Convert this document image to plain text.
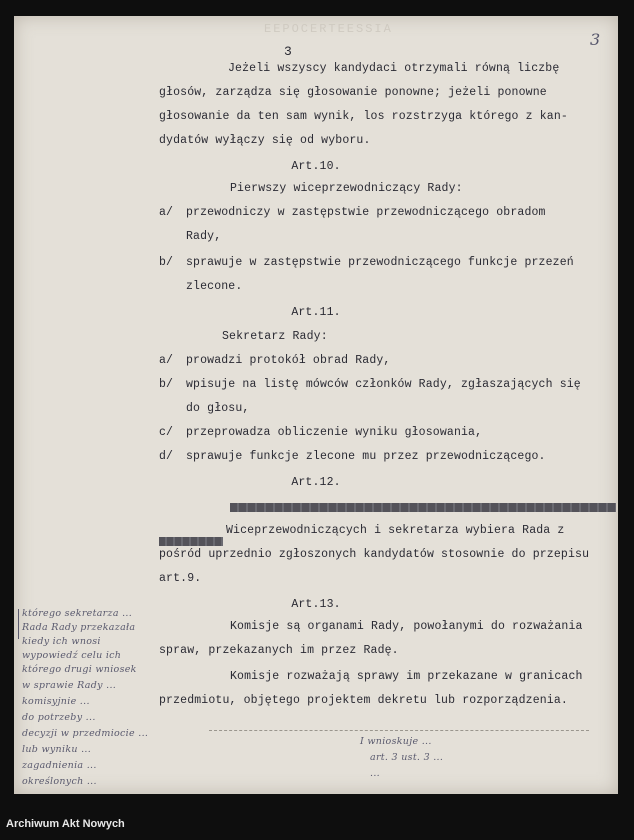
EEPOCERTEESSIA
3
3
Jeżeli wszyscy kandydaci otrzymali równą liczbę
głosów, zarządza się głosowanie ponowne; jeżeli ponowne
głosowanie da ten sam wynik, los rozstrzyga którego z kan-
dydatów wyłączy się od wyboru.
Art.10.
Pierwszy wiceprzewodniczący Rady:
a/ przewodniczy w zastępstwie przewodniczącego obradom
Rady,
b/ sprawuje w zastępstwie przewodniczącego funkcje przezeń
zlecone.
Art.11.
Sekretarz Rady:
a/ prowadzi protokół obrad Rady,
b/ wpisuje na listę mówców członków Rady, zgłaszających się
do głosu,
c/ przeprowadza obliczenie wyniku głosowania,
d/ sprawuje funkcje zlecone mu przez przewodniczącego.
Art.12.
Wiceprzewodniczących i sekretarza wybiera Rada z
pośród uprzednio zgłoszonych kandydatów stosownie do przepisu
art.9.
Art.13.
Komisje są organami Rady, powołanymi do rozważania
spraw, przekazanych im przez Radę.
Komisje rozważają sprawy im przekazane w granicach
przedmiotu, objętego projektem dekretu lub rozporządzenia.
którego sekretarza ...
Rada Rady przekazała
kiedy ich wnosi
wypowiedź celu ich
którego drugi wniosek
w sprawie Rady ...
komisyjnie ...
do potrzeby ...
decyzji w przedmiocie ...
lub wyniku ...
zagadnienia ...
określonych ...
I wnioskuje ...
art. 3 ust. 3 ...
...
Archiwum Akt Nowych
